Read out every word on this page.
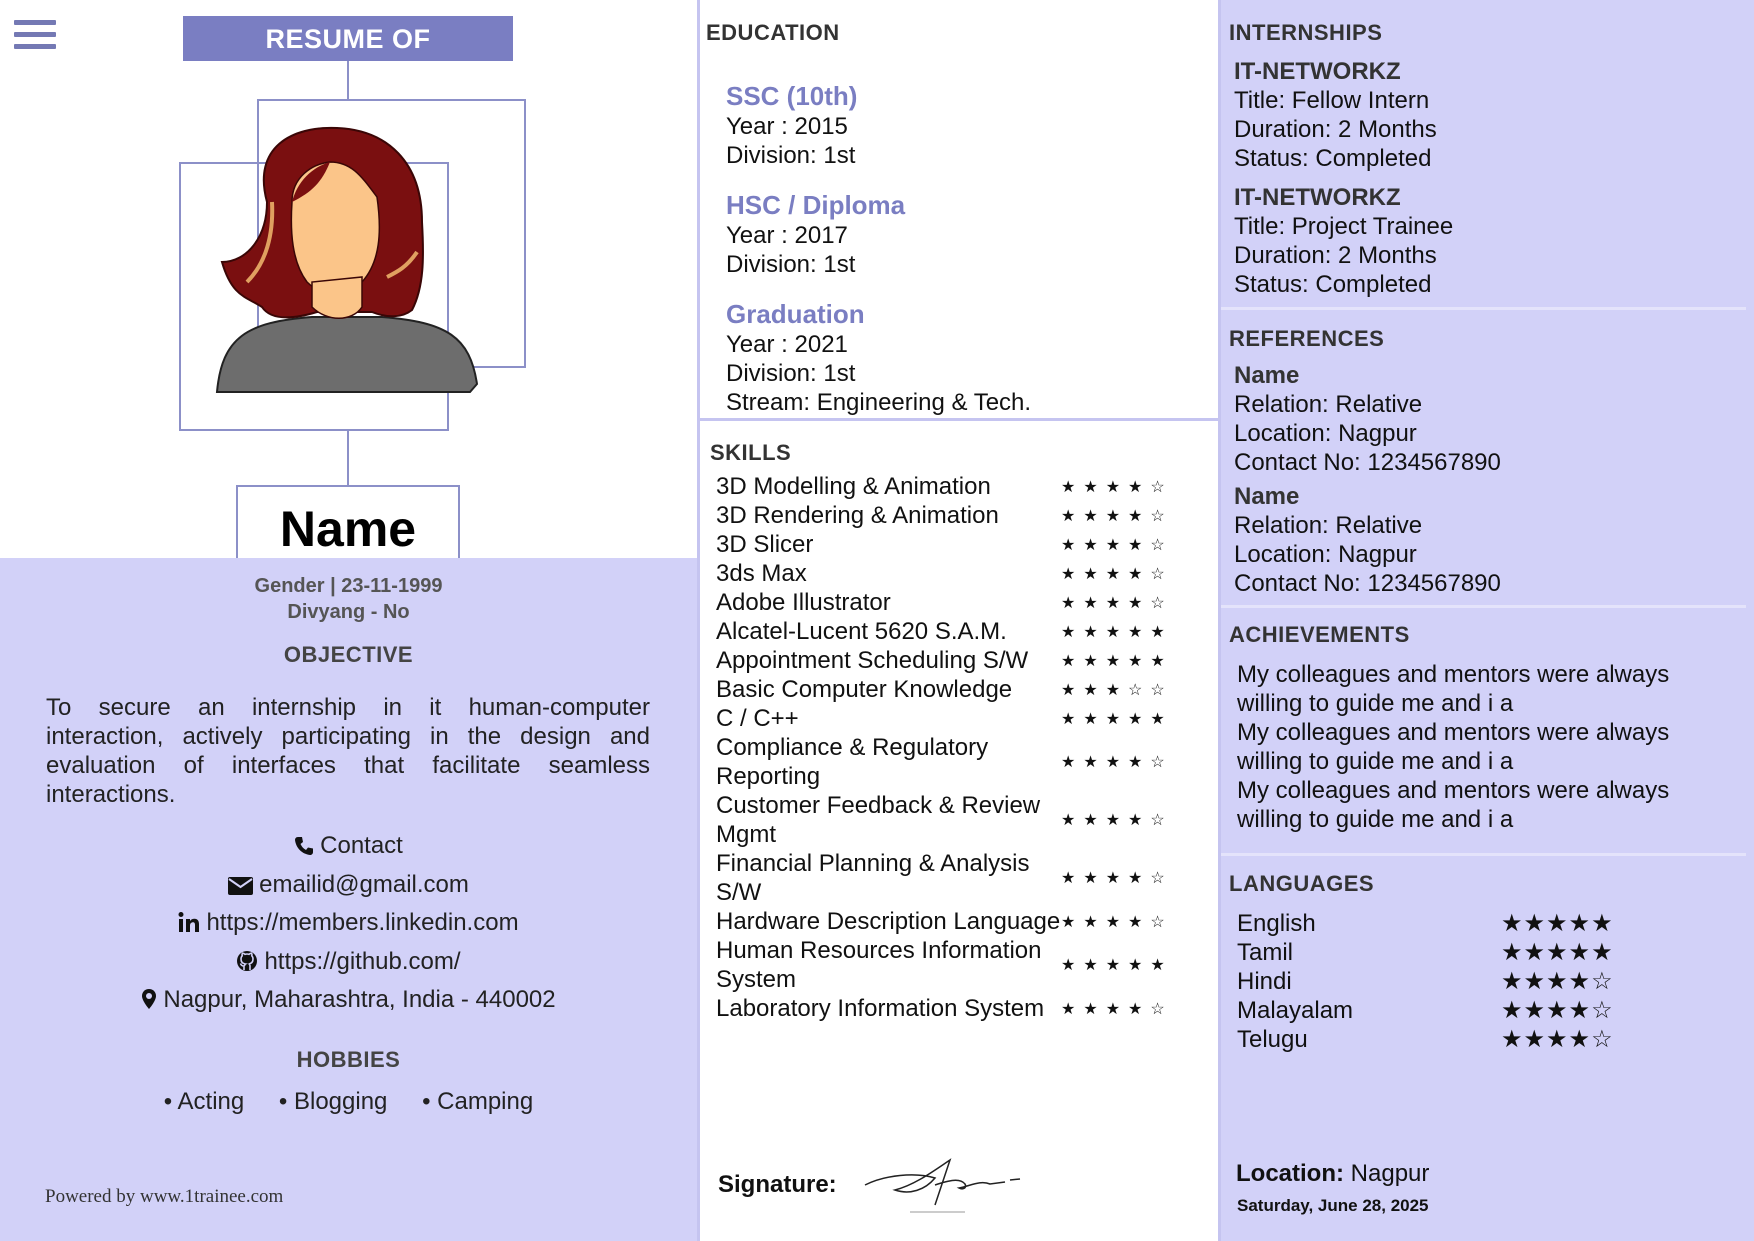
RESUME OF
Name
Gender | 23-11-1999
Divyang - No
OBJECTIVE
To secure an internship in it human-computer interaction, actively participating in the design and evaluation of interfaces that facilitate seamless interactions.
Contact
emailid@gmail.com
https://members.linkedin.com
https://github.com/
Nagpur, Maharashtra, India - 440002
HOBBIES
• Acting • Blogging • Camping
Powered by www.1trainee.com
EDUCATION
SSC (10th)
Year : 2015
Division: 1st
HSC / Diploma
Year : 2017
Division: 1st
Graduation
Year : 2021
Division: 1st
Stream: Engineering & Tech.
SKILLS
3D Modelling & Animation	★★★★☆
3D Rendering & Animation	★★★★☆
3D Slicer	★★★★☆
3ds Max	★★★★☆
Adobe Illustrator	★★★★☆
Alcatel-Lucent 5620 S.A.M.	★★★★★
Appointment Scheduling S/W	★★★★★
Basic Computer Knowledge	★★★☆☆
C / C++	★★★★★
Compliance & Regulatory Reporting
★★★★☆
Customer Feedback & Review Mgmt
★★★★☆
Financial Planning & Analysis S/W
★★★★☆
Hardware Description Language ★★★★☆
Human Resources Information System
★★★★★
Laboratory Information System	★★★★☆
Signature:
INTERNSHIPS
IT-NETWORKZ
Title: Fellow Intern
Duration: 2 Months
Status: Completed
IT-NETWORKZ
Title: Project Trainee
Duration: 2 Months
Status: Completed
REFERENCES
Name
Relation: Relative
Location: Nagpur
Contact No: 1234567890
Name
Relation: Relative
Location: Nagpur
Contact No: 1234567890
ACHIEVEMENTS
My colleagues and mentors were always willing to guide me and i a
My colleagues and mentors were always willing to guide me and i a
My colleagues and mentors were always willing to guide me and i a
LANGUAGES
English	★★★★★
Tamil	★★★★★
Hindi	★★★★☆
Malayalam	★★★★☆
Telugu	★★★★☆
Location: Nagpur
Saturday, June 28, 2025
